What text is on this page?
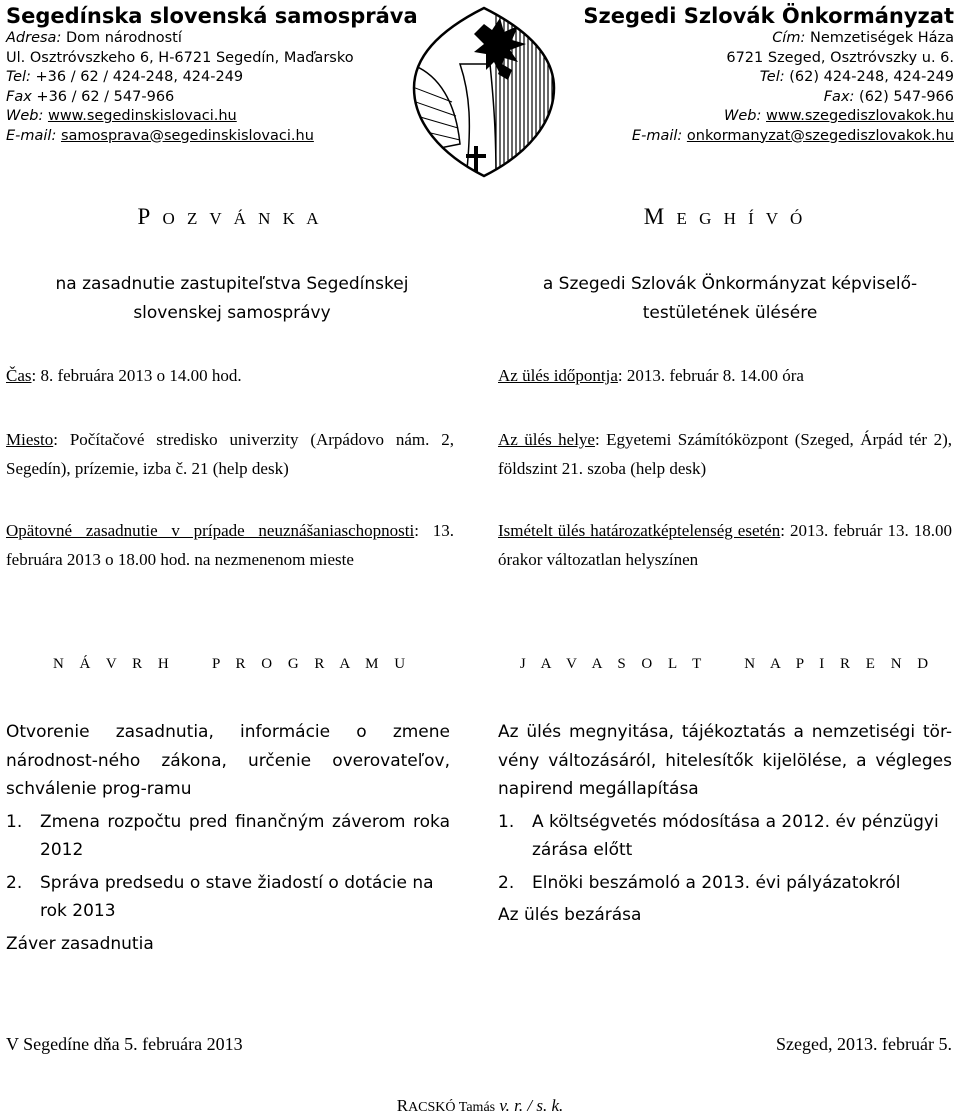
Segedínska slovenská samospráva
Adresa: Dom národností
Ul. Osztróvszkeho 6, H-6721 Segedín, Maďarsko
Tel: +36 / 62 / 424-248, 424-249
Fax +36 / 62 / 547-966
Web: www.segedinskislovaci.hu
E-mail: samosprava@segedinskislovaci.hu
Szegedi Szlovák Önkormányzat
Cím: Nemzetiségek Háza
6721 Szeged, Osztróvszky u. 6.
Tel: (62) 424-248, 424-249
Fax: (62) 547-966
Web: www.szegediszlovakok.hu
E-mail: onkormanyzat@szegediszlovakok.hu
P O Z V Á N K A	M E G H Í V Ó
na zasadnutie zastupiteľstva Segedínskej slovenskej samosprávy
a Szegedi Szlovák Önkormányzat képviselő-testületének ülésére
Čas: 8. februára 2013 o 14.00 hod.	Az ülés időpontja: 2013. február 8. 14.00 óra
Miesto: Počítačové stredisko univerzity (Arpádovo nám. 2, Segedín), prízemie, izba č. 21 (help desk)
Az ülés helye: Egyetemi Számítóközpont (Szeged, Árpád tér 2), földszint 21. szoba (help desk)
Opätovné zasadnutie v prípade neuznášaniaschopnosti: 13. februára 2013 o 18.00 hod. na nezmenenom mieste
Ismételt ülés határozatképtelenség esetén: 2013. február 13. 18.00 órakor változatlan helyszínen
N Á V R H   P R O G R A M U	J A V A S O L T   N A P I R E N D
Otvorenie zasadnutia, informácie o zmene národnost-ného zákona, určenie overovateľov, schválenie prog-ramu
1. Zmena rozpočtu pred finančným záverom roka 2012
2. Správa predsedu o stave žiadostí o dotácie na rok 2013
Záver zasadnutia
Az ülés megnyitása, tájékoztatás a nemzetiségi tör-vény változásáról, hitelesítők kijelölése, a végleges napirend megállapítása
1. A költségvetés módosítása a 2012. év pénzügyi zárása előtt
2. Elnöki beszámoló a 2013. évi pályázatokról
Az ülés bezárása
V Segedíne dňa 5. februára 2013	Szeged, 2013. február 5.
RACSKÓ Tamás v. r. / s. k.
